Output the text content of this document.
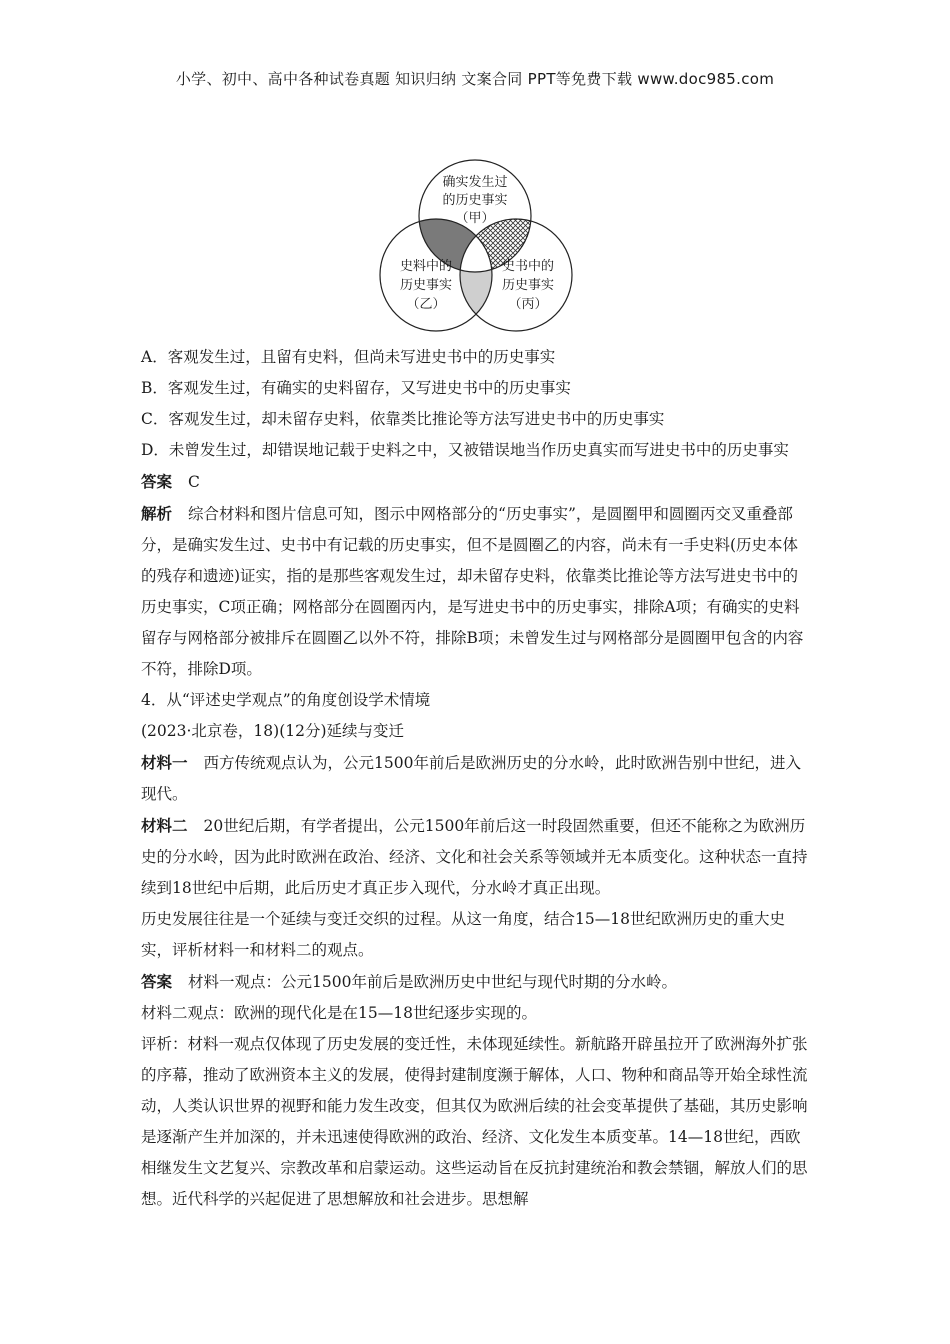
小学、初中、高中各种试卷真题 知识归纳 文案合同 PPT等免费下载 www.doc985.com
确实发生过
的历史事实
（甲）
史料中的
历史事实
（乙）
史书中的
历史事实
（丙）

A．客观发生过，且留有史料，但尚未写进史书中的历史事实

B．客观发生过，有确实的史料留存，又写进史书中的历史事实

C．客观发生过，却未留存史料，依靠类比推论等方法写进史书中的历史事实

D．未曾发生过，却错误地记载于史料之中，又被错误地当作历史真实而写进史书中的历史事实

答案 C

解析 综合材料和图片信息可知，图示中网格部分的“历史事实”，是圆圈甲和圆圈丙交叉重叠部分，是确实发生过、史书中有记载的历史事实，但不是圆圈乙的内容，尚未有一手史料(历史本体的残存和遗迹)证实，指的是那些客观发生过，却未留存史料，依靠类比推论等方法写进史书中的历史事实，C项正确；网格部分在圆圈丙内，是写进史书中的历史事实，排除A项；有确实的史料留存与网格部分被排斥在圆圈乙以外不符，排除B项；未曾发生过与网格部分是圆圈甲包含的内容不符，排除D项。

4．从“评述史学观点”的角度创设学术情境

(2023·北京卷，18)(12分)延续与变迁

材料一 西方传统观点认为，公元1500年前后是欧洲历史的分水岭，此时欧洲告别中世纪，进入现代。

材料二 20世纪后期，有学者提出，公元1500年前后这一时段固然重要，但还不能称之为欧洲历史的分水岭，因为此时欧洲在政治、经济、文化和社会关系等领域并无本质变化。这种状态一直持续到18世纪中后期，此后历史才真正步入现代，分水岭才真正出现。

历史发展往往是一个延续与变迁交织的过程。从这一角度，结合15—18世纪欧洲历史的重大史实，评析材料一和材料二的观点。

答案 材料一观点：公元1500年前后是欧洲历史中世纪与现代时期的分水岭。

材料二观点：欧洲的现代化是在15—18世纪逐步实现的。

评析：材料一观点仅体现了历史发展的变迁性，未体现延续性。新航路开辟虽拉开了欧洲海外扩张的序幕，推动了欧洲资本主义的发展，使得封建制度濒于解体，人口、物种和商品等开始全球性流动，人类认识世界的视野和能力发生改变，但其仅为欧洲后续的社会变革提供了基础，其历史影响是逐渐产生并加深的，并未迅速使得欧洲的政治、经济、文化发生本质变革。14—18世纪，西欧相继发生文艺复兴、宗教改革和启蒙运动。这些运动旨在反抗封建统治和教会禁锢，解放人们的思想。近代科学的兴起促进了思想解放和社会进步。思想解
